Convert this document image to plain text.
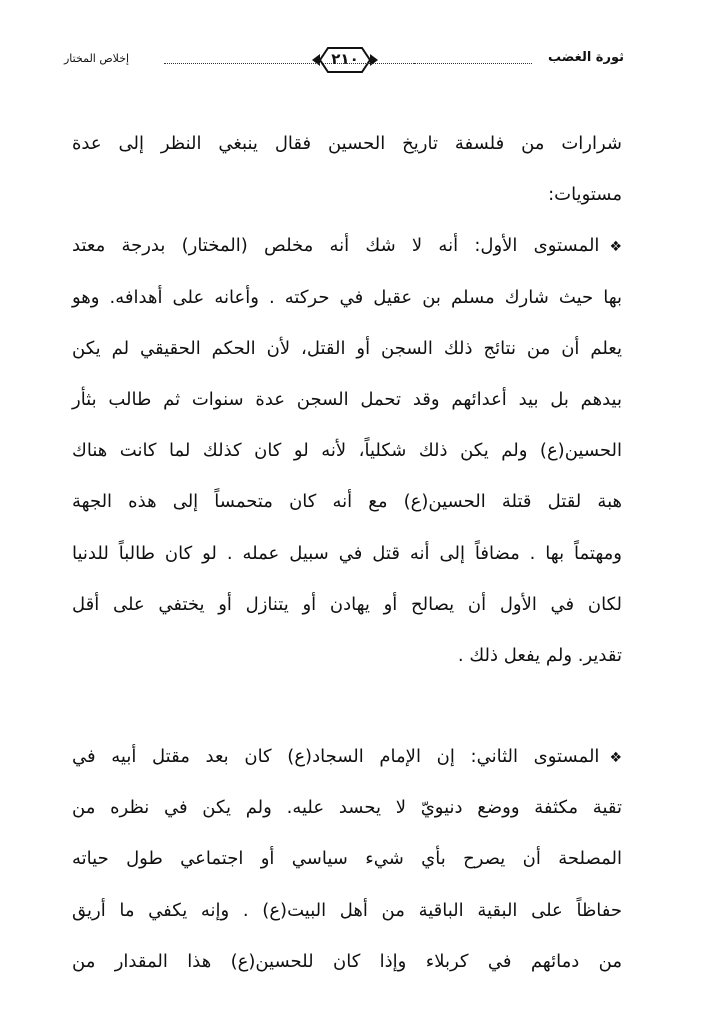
ثورة الغضب
٢١٠
إخلاص المختار
شرارات من فلسفة تاريخ الحسين فقال ينبغي النظر إلى عدة
مستويات:
❖المستوى الأول: أنه لا شك أنه مخلص (المختار) بدرجة معتد
بها حيث شارك مسلم بن عقيل في حركته . وأعانه على أهدافه. وهو
يعلم أن من نتائج ذلك السجن أو القتل، لأن الحكم الحقيقي لم يكن
بيدهم بل بيد أعدائهم وقد تحمل السجن عدة سنوات ثم طالب بثأر
الحسين(ع) ولم يكن ذلك شكلياً، لأنه لو كان كذلك لما كانت هناك
هبة لقتل قتلة الحسين(ع) مع أنه كان متحمساً إلى هذه الجهة
ومهتماً بها . مضافاً إلى أنه قتل في سبيل عمله . لو كان طالباً للدنيا
لكان في الأول أن يصالح أو يهادن أو يتنازل أو يختفي على أقل
تقدير. ولم يفعل ذلك .
❖المستوى الثاني: إن الإمام السجاد(ع) كان بعد مقتل أبيه في
تقية مكثفة ووضع دنيويّ لا يحسد عليه. ولم يكن في نظره من
المصلحة أن يصرح بأي شيء سياسي أو اجتماعي طول حياته
حفاظاً على البقية الباقية من أهل البيت(ع) . وإنه يكفي ما أريق
من دمائهم في كربلاء وإذا كان للحسين(ع) هذا المقدار من
